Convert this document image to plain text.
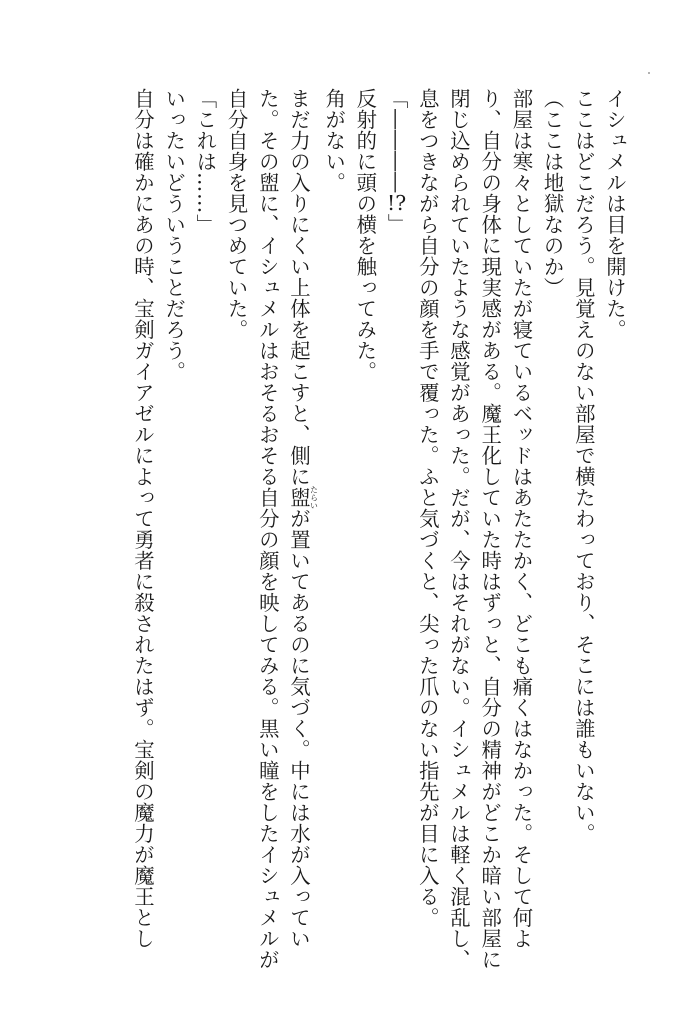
イシュメルは目を開けた。
ここはどこだろう。見覚えのない部屋で横たわっており、そこには誰もいない。
（ここは地獄なのか）
部屋は寒々としていたが寝ているベッドはあたたかく、どこも痛くはなかった。そして何よ
り、自分の身体に現実感がある。魔王化していた時はずっと、自分の精神がどこか暗い部屋に
閉じ込められていたような感覚があった。だが、今はそれがない。イシュメルは軽く混乱し、
息をつきながら自分の顔を手で覆った。ふと気づくと、尖った爪のない指先が目に入る。
「――――!?」
反射的に頭の横を触ってみた。
角がない。
まだ力の入りにくい上体を起こすと、側に盥たらいが置いてあるのに気づく。中には水が入ってい
た。その盥に、イシュメルはおそるおそる自分の顔を映してみる。黒い瞳をしたイシュメルが
自分自身を見つめていた。
「これは……」
いったいどういうことだろう。
自分は確かにあの時、宝剣ガイアゼルによって勇者に殺されたはず。宝剣の魔力が魔王とし
